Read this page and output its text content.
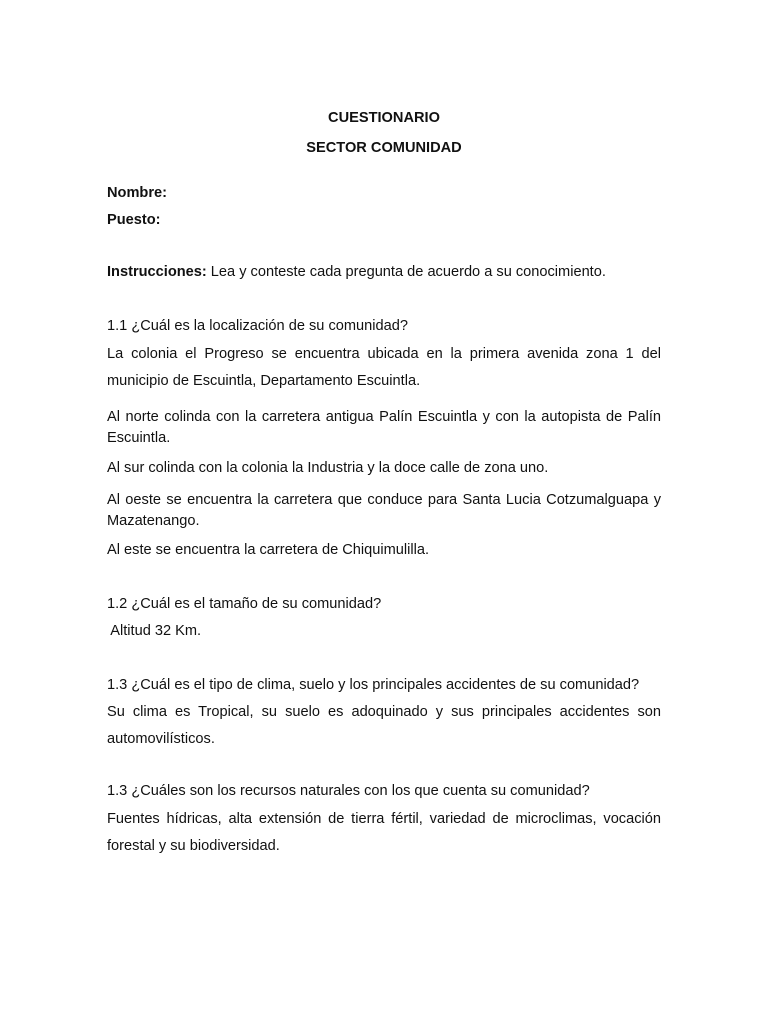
CUESTIONARIO
SECTOR COMUNIDAD
Nombre:
Puesto:
Instrucciones: Lea y conteste cada pregunta de acuerdo a su conocimiento.
1.1 ¿Cuál es la localización de su comunidad?
La colonia el Progreso se encuentra ubicada en la primera avenida zona 1 del municipio de Escuintla, Departamento Escuintla.
Al norte colinda con la carretera antigua Palín Escuintla y con la autopista de Palín Escuintla.
Al sur colinda con la colonia la Industria y la doce calle de zona uno.
Al oeste se encuentra la carretera que conduce para Santa Lucia Cotzumalguapa y Mazatenango.
Al este se encuentra la carretera de Chiquimulilla.
1.2 ¿Cuál es el tamaño de su comunidad?
Altitud 32 Km.
1.3 ¿Cuál es el tipo de clima, suelo y los principales accidentes de su comunidad?
Su clima es Tropical, su suelo es adoquinado y sus principales accidentes son automovilísticos.
1.3 ¿Cuáles son los recursos naturales con los que cuenta su comunidad?
Fuentes hídricas, alta extensión de tierra fértil, variedad de microclimas, vocación forestal y su biodiversidad.
